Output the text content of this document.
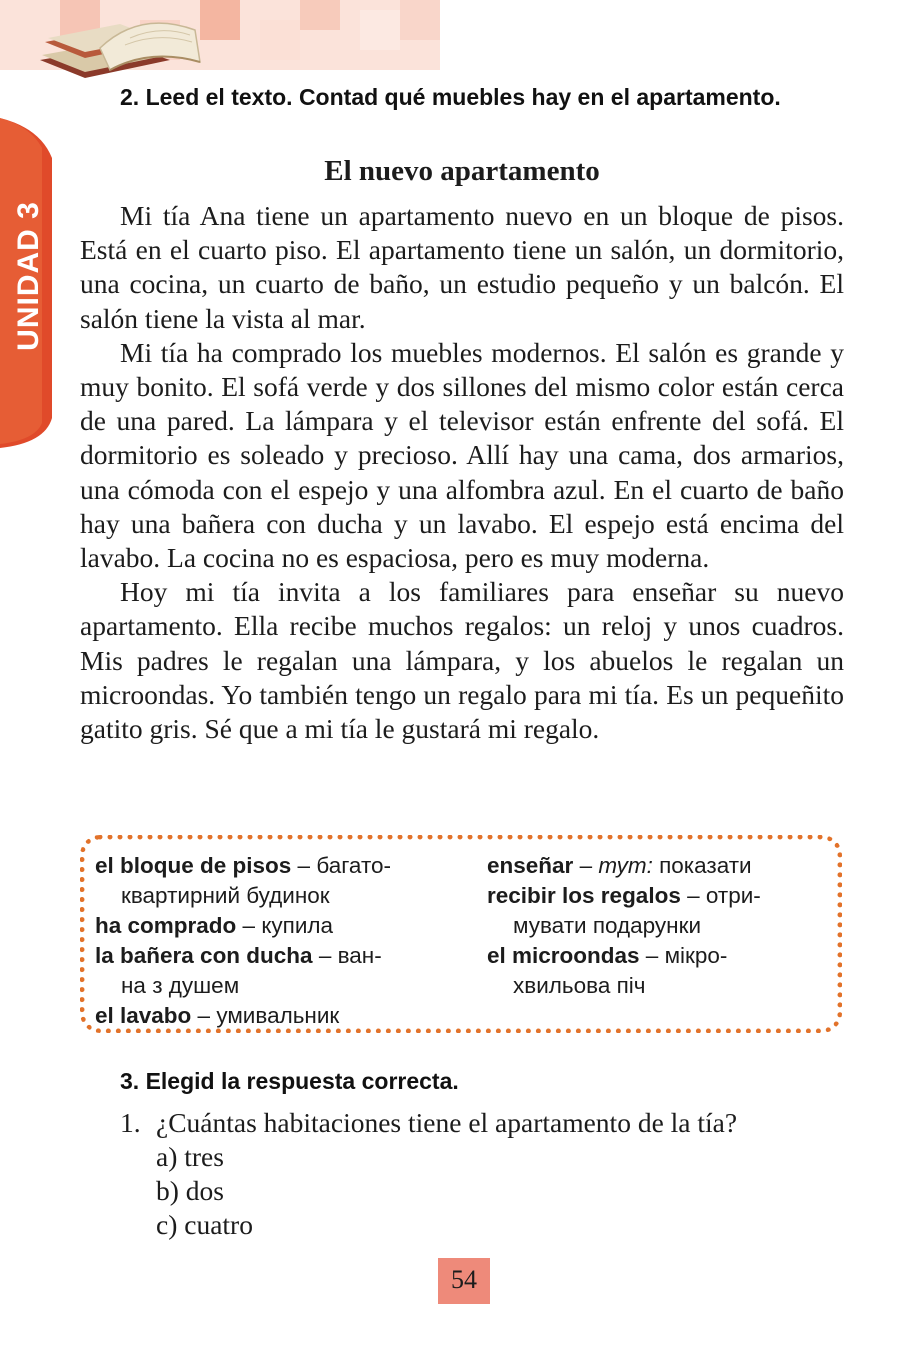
UNIDAD 3
2. Leed el texto. Contad qué muebles hay en el apartamento.
El nuevo apartamento

Mi tía Ana tiene un apartamento nuevo en un bloque de pisos. Está en el cuarto piso. El apartamento tiene un salón, un dormitorio, una cocina, un cuarto de baño, un estudio pequeño y un balcón. El salón tiene la vista al mar.

Mi tía ha comprado los muebles modernos. El salón es grande y muy bonito. El sofá verde y dos sillones del mismo color están cerca de una pared. La lámpara y el televisor están enfrente del sofá. El dormitorio es soleado y precioso. Allí hay una cama, dos armarios, una cómoda con el espejo y una alfombra azul. En el cuarto de baño hay una bañera con ducha y un lavabo. El espejo está encima del lavabo. La cocina no es espaciosa, pero es muy moderna.

Hoy mi tía invita a los familiares para enseñar su nuevo apartamento. Ella recibe muchos regalos: un reloj y unos cuadros. Mis padres le regalan una lámpara, y los abuelos le regalan un microondas. Yo también tengo un regalo para mi tía. Es un pequeñito gatito gris. Sé que a mi tía le gustará mi regalo.

el bloque de pisos – багато-
квартирний будинок
ha comprado – купила
la bañera con ducha – ван-
на з душем
el lavabo – умивальник
enseñar – тут: показати
recibir los regalos – отри-
мувати подарунки
el microondas – мікро-
хвильова піч
3. Elegid la respuesta correcta.
1. ¿Cuántas habitaciones tiene el apartamento de la tía?
a) tres
b) dos
c) cuatro
54
